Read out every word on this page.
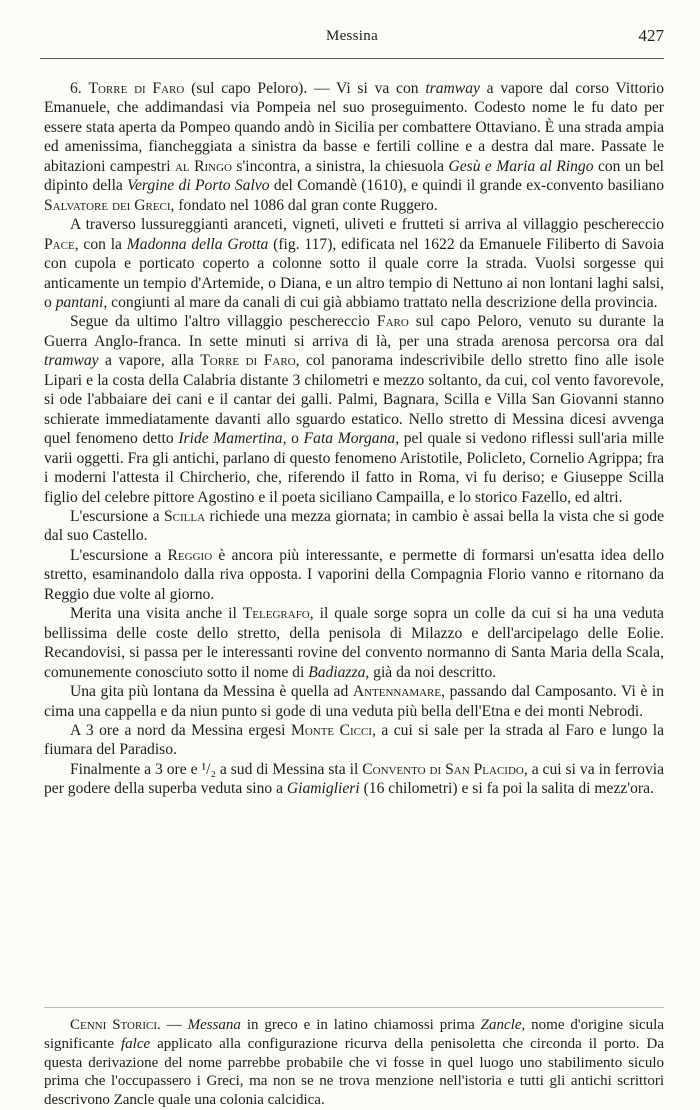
Messina	427

6. Torre di Faro (sul capo Peloro). — Vi si va con tramway a vapore dal corso Vittorio Emanuele, che addimandasi via Pompeia nel suo proseguimento. Codesto nome le fu dato per essere stata aperta da Pompeo quando andò in Sicilia per combattere Ottaviano. È una strada ampia ed amenissima, fiancheggiata a sinistra da basse e fertili colline e a destra dal mare. Passate le abitazioni campestri al Ringo s'incontra, a sinistra, la chiesuola Gesù e Maria al Ringo con un bel dipinto della Vergine di Porto Salvo del Comandè (1610), e quindi il grande ex-convento basiliano Salvatore dei Greci, fondato nel 1086 dal gran conte Ruggero.

A traverso lussureggianti aranceti, vigneti, uliveti e frutteti si arriva al villaggio peschereccio Pace, con la Madonna della Grotta (fig. 117), edificata nel 1622 da Emanuele Filiberto di Savoia con cupola e porticato coperto a colonne sotto il quale corre la strada. Vuolsi sorgesse qui anticamente un tempio d'Artemide, o Diana, e un altro tempio di Nettuno ai non lontani laghi salsi, o pantani, congiunti al mare da canali di cui già abbiamo trattato nella descrizione della provincia.

Segue da ultimo l'altro villaggio peschereccio Faro sul capo Peloro, venuto su durante la Guerra Anglo-franca. In sette minuti si arriva di là, per una strada arenosa percorsa ora dal tramway a vapore, alla Torre di Faro, col panorama indescrivibile dello stretto fino alle isole Lipari e la costa della Calabria distante 3 chilometri e mezzo soltanto, da cui, col vento favorevole, si ode l'abbaiare dei cani e il cantar dei galli. Palmi, Bagnara, Scilla e Villa San Giovanni stanno schierate immediatamente davanti allo sguardo estatico. Nello stretto di Messina dicesi avvenga quel fenomeno detto Iride Mamertina, o Fata Morgana, pel quale si vedono riflessi sull'aria mille varii oggetti. Fra gli antichi, parlano di questo fenomeno Aristotile, Policleto, Cornelio Agrippa; fra i moderni l'attesta il Chircherio, che, riferendo il fatto in Roma, vi fu deriso; e Giuseppe Scilla figlio del celebre pittore Agostino e il poeta siciliano Campailla, e lo storico Fazello, ed altri.

L'escursione a Scilla richiede una mezza giornata; in cambio è assai bella la vista che si gode dal suo Castello.

L'escursione a Reggio è ancora più interessante, e permette di formarsi un'esatta idea dello stretto, esaminandolo dalla riva opposta. I vaporini della Compagnia Florio vanno e ritornano da Reggio due volte al giorno.

Merita una visita anche il Telegrafo, il quale sorge sopra un colle da cui si ha una veduta bellissima delle coste dello stretto, della penisola di Milazzo e dell'arcipelago delle Eolie. Recandovisi, si passa per le interessanti rovine del convento normanno di Santa Maria della Scala, comunemente conosciuto sotto il nome di Badiazza, già da noi descritto.

Una gita più lontana da Messina è quella ad Antennamare, passando dal Camposanto. Vi è in cima una cappella e da niun punto si gode di una veduta più bella dell'Etna e dei monti Nebrodi.

A 3 ore a nord da Messina ergesi Monte Cicci, a cui si sale per la strada al Faro e lungo la fiumara del Paradiso.

Finalmente a 3 ore e ¹/₂ a sud di Messina sta il Convento di San Placido, a cui si va in ferrovia per godere della superba veduta sino a Giamiglieri (16 chilometri) e si fa poi la salita di mezz'ora.

Cenni Storici. — Messana in greco e in latino chiamossi prima Zancle, nome d'origine sicula significante falce applicato alla configurazione ricurva della penisoletta che circonda il porto. Da questa derivazione del nome parrebbe probabile che vi fosse in quel luogo uno stabilimento siculo prima che l'occupassero i Greci, ma non se ne trova menzione nell'istoria e tutti gli antichi scrittori descrivono Zancle quale una colonia calcidica.
